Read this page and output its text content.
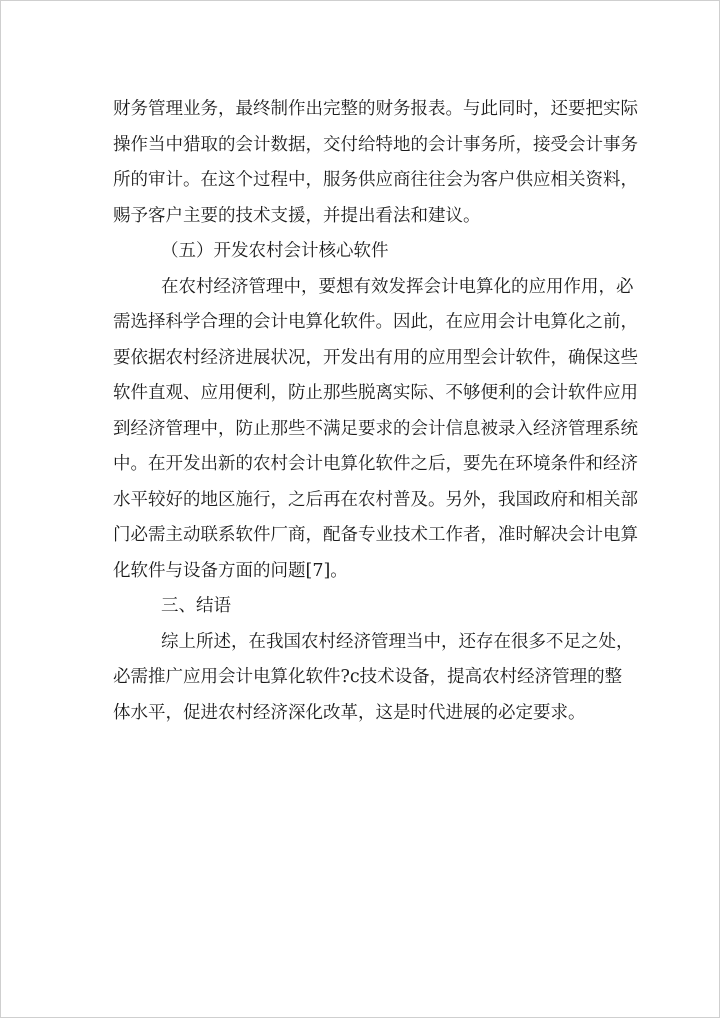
财务管理业务，最终制作出完整的财务报表。与此同时，还要把实际
操作当中猎取的会计数据，交付给特地的会计事务所，接受会计事务
所的审计。在这个过程中，服务供应商往往会为客户供应相关资料，
赐予客户主要的技术支援，并提出看法和建议。
（五）开发农村会计核心软件
在农村经济管理中，要想有效发挥会计电算化的应用作用，必
需选择科学合理的会计电算化软件。因此，在应用会计电算化之前，
要依据农村经济进展状况，开发出有用的应用型会计软件，确保这些
软件直观、应用便利，防止那些脱离实际、不够便利的会计软件应用
到经济管理中，防止那些不满足要求的会计信息被录入经济管理系统
中。在开发出新的农村会计电算化软件之后，要先在环境条件和经济
水平较好的地区施行，之后再在农村普及。另外，我国政府和相关部
门必需主动联系软件厂商，配备专业技术工作者，准时解决会计电算
化软件与设备方面的问题[7]。
三、结语
综上所述，在我国农村经济管理当中，还存在很多不足之处，
必需推广应用会计电算化软件?c技术设备，提高农村经济管理的整
体水平，促进农村经济深化改革，这是时代进展的必定要求。
